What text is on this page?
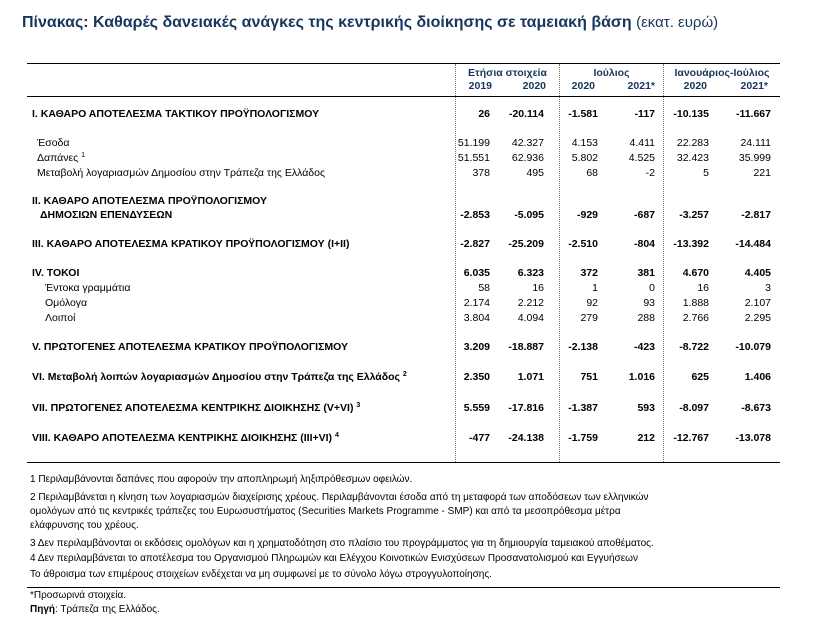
Πίνακας: Καθαρές δανειακές ανάγκες της κεντρικής διοίκησης σε ταμειακή βάση (εκατ. ευρώ)
Ετήσια στοιχεία	Ιούλιος	Ιανουάριος-Ιούλιος
2019	2020	2020	2021*	2020	2021*
I. ΚΑΘΑΡΟ ΑΠΟΤΕΛΕΣΜΑ ΤΑΚΤΙΚΟΥ ΠΡΟΫΠΟΛΟΓΙΣΜΟΥ	26	-20.114	-1.581	-117	-10.135	-11.667
Έσοδα	51.199	42.327	4.153	4.411	22.283	24.111
Δαπάνες $^1$	51.551	62.936	5.802	4.525	32.423	35.999
Μεταβολή λογαριασμών Δημοσίου στην Τράπεζα της Ελλάδος	378	495	68	-2	5	221
II. ΚΑΘΑΡΟ ΑΠΟΤΕΛΕΣΜΑ ΠΡΟΫΠΟΛΟΓΙΣΜΟΥ
ΔΗΜΟΣΙΩΝ ΕΠΕΝΔΥΣΕΩΝ	-2.853	-5.095	-929	-687	-3.257	-2.817
III. ΚΑΘΑΡΟ ΑΠΟΤΕΛΕΣΜΑ ΚΡΑΤΙΚΟΥ ΠΡΟΫΠΟΛΟΓΙΣΜΟΥ (I+II)	-2.827	-25.209	-2.510	-804	-13.392	-14.484
IV. ΤΟΚΟΙ	6.035	6.323	372	381	4.670	4.405
Έντοκα γραμμάτια	58	16	1	0	16	3
Ομόλογα	2.174	2.212	92	93	1.888	2.107
Λοιποί	3.804	4.094	279	288	2.766	2.295
V. ΠΡΩΤΟΓΕΝΕΣ ΑΠΟΤΕΛΕΣΜΑ ΚΡΑΤΙΚΟΥ ΠΡΟΫΠΟΛΟΓΙΣΜΟΥ	3.209	-18.887	-2.138	-423	-8.722	-10.079
VI. Μεταβολή λοιπών λογαριασμών Δημοσίου στην Τράπεζα της Ελλάδος $^2$	2.350	1.071	751	1.016	625	1.406
VII. ΠΡΩΤΟΓΕΝΕΣ ΑΠΟΤΕΛΕΣΜΑ ΚΕΝΤΡΙΚΗΣ ΔΙΟΙΚΗΣΗΣ (V+VI) $^3$	5.559	-17.816	-1.387	593	-8.097	-8.673
VIII. ΚΑΘΑΡΟ ΑΠΟΤΕΛΕΣΜΑ ΚΕΝΤΡΙΚΗΣ ΔΙΟΙΚΗΣΗΣ (III+VI) $^4$	-477	-24.138	-1.759	212	-12.767	-13.078
1 Περιλαμβάνονται δαπάνες που αφορούν την αποπληρωμή ληξιπρόθεσμων οφειλών.
2 Περιλαμβάνεται η κίνηση των λογαριασμών διαχείρισης χρέους. Περιλαμβάνονται έσοδα από τη μεταφορά των αποδόσεων των ελληνικών
ομολόγων από τις κεντρικές τράπεζες του Ευρωσυστήματος (Securities Markets Programme - SMP) και από τα μεσοπρόθεσμα μέτρα
ελάφρυνσης του χρέους.
3 Δεν περιλαμβάνονται οι εκδόσεις ομολόγων και η χρηματοδότηση στο πλαίσιο του προγράμματος για τη δημιουργία ταμειακού αποθέματος.
4 Δεν περιλαμβάνεται το αποτέλεσμα του Οργανισμού Πληρωμών και Ελέγχου Κοινοτικών Ενισχύσεων Προσανατολισμού και Εγγυήσεων
Το άθροισμα των επιμέρους στοιχείων ενδέχεται να μη συμφωνεί με το σύνολο λόγω στρογγυλοποίησης.
*Προσωρινά στοιχεία.
Πηγή: Τράπεζα της Ελλάδος.
